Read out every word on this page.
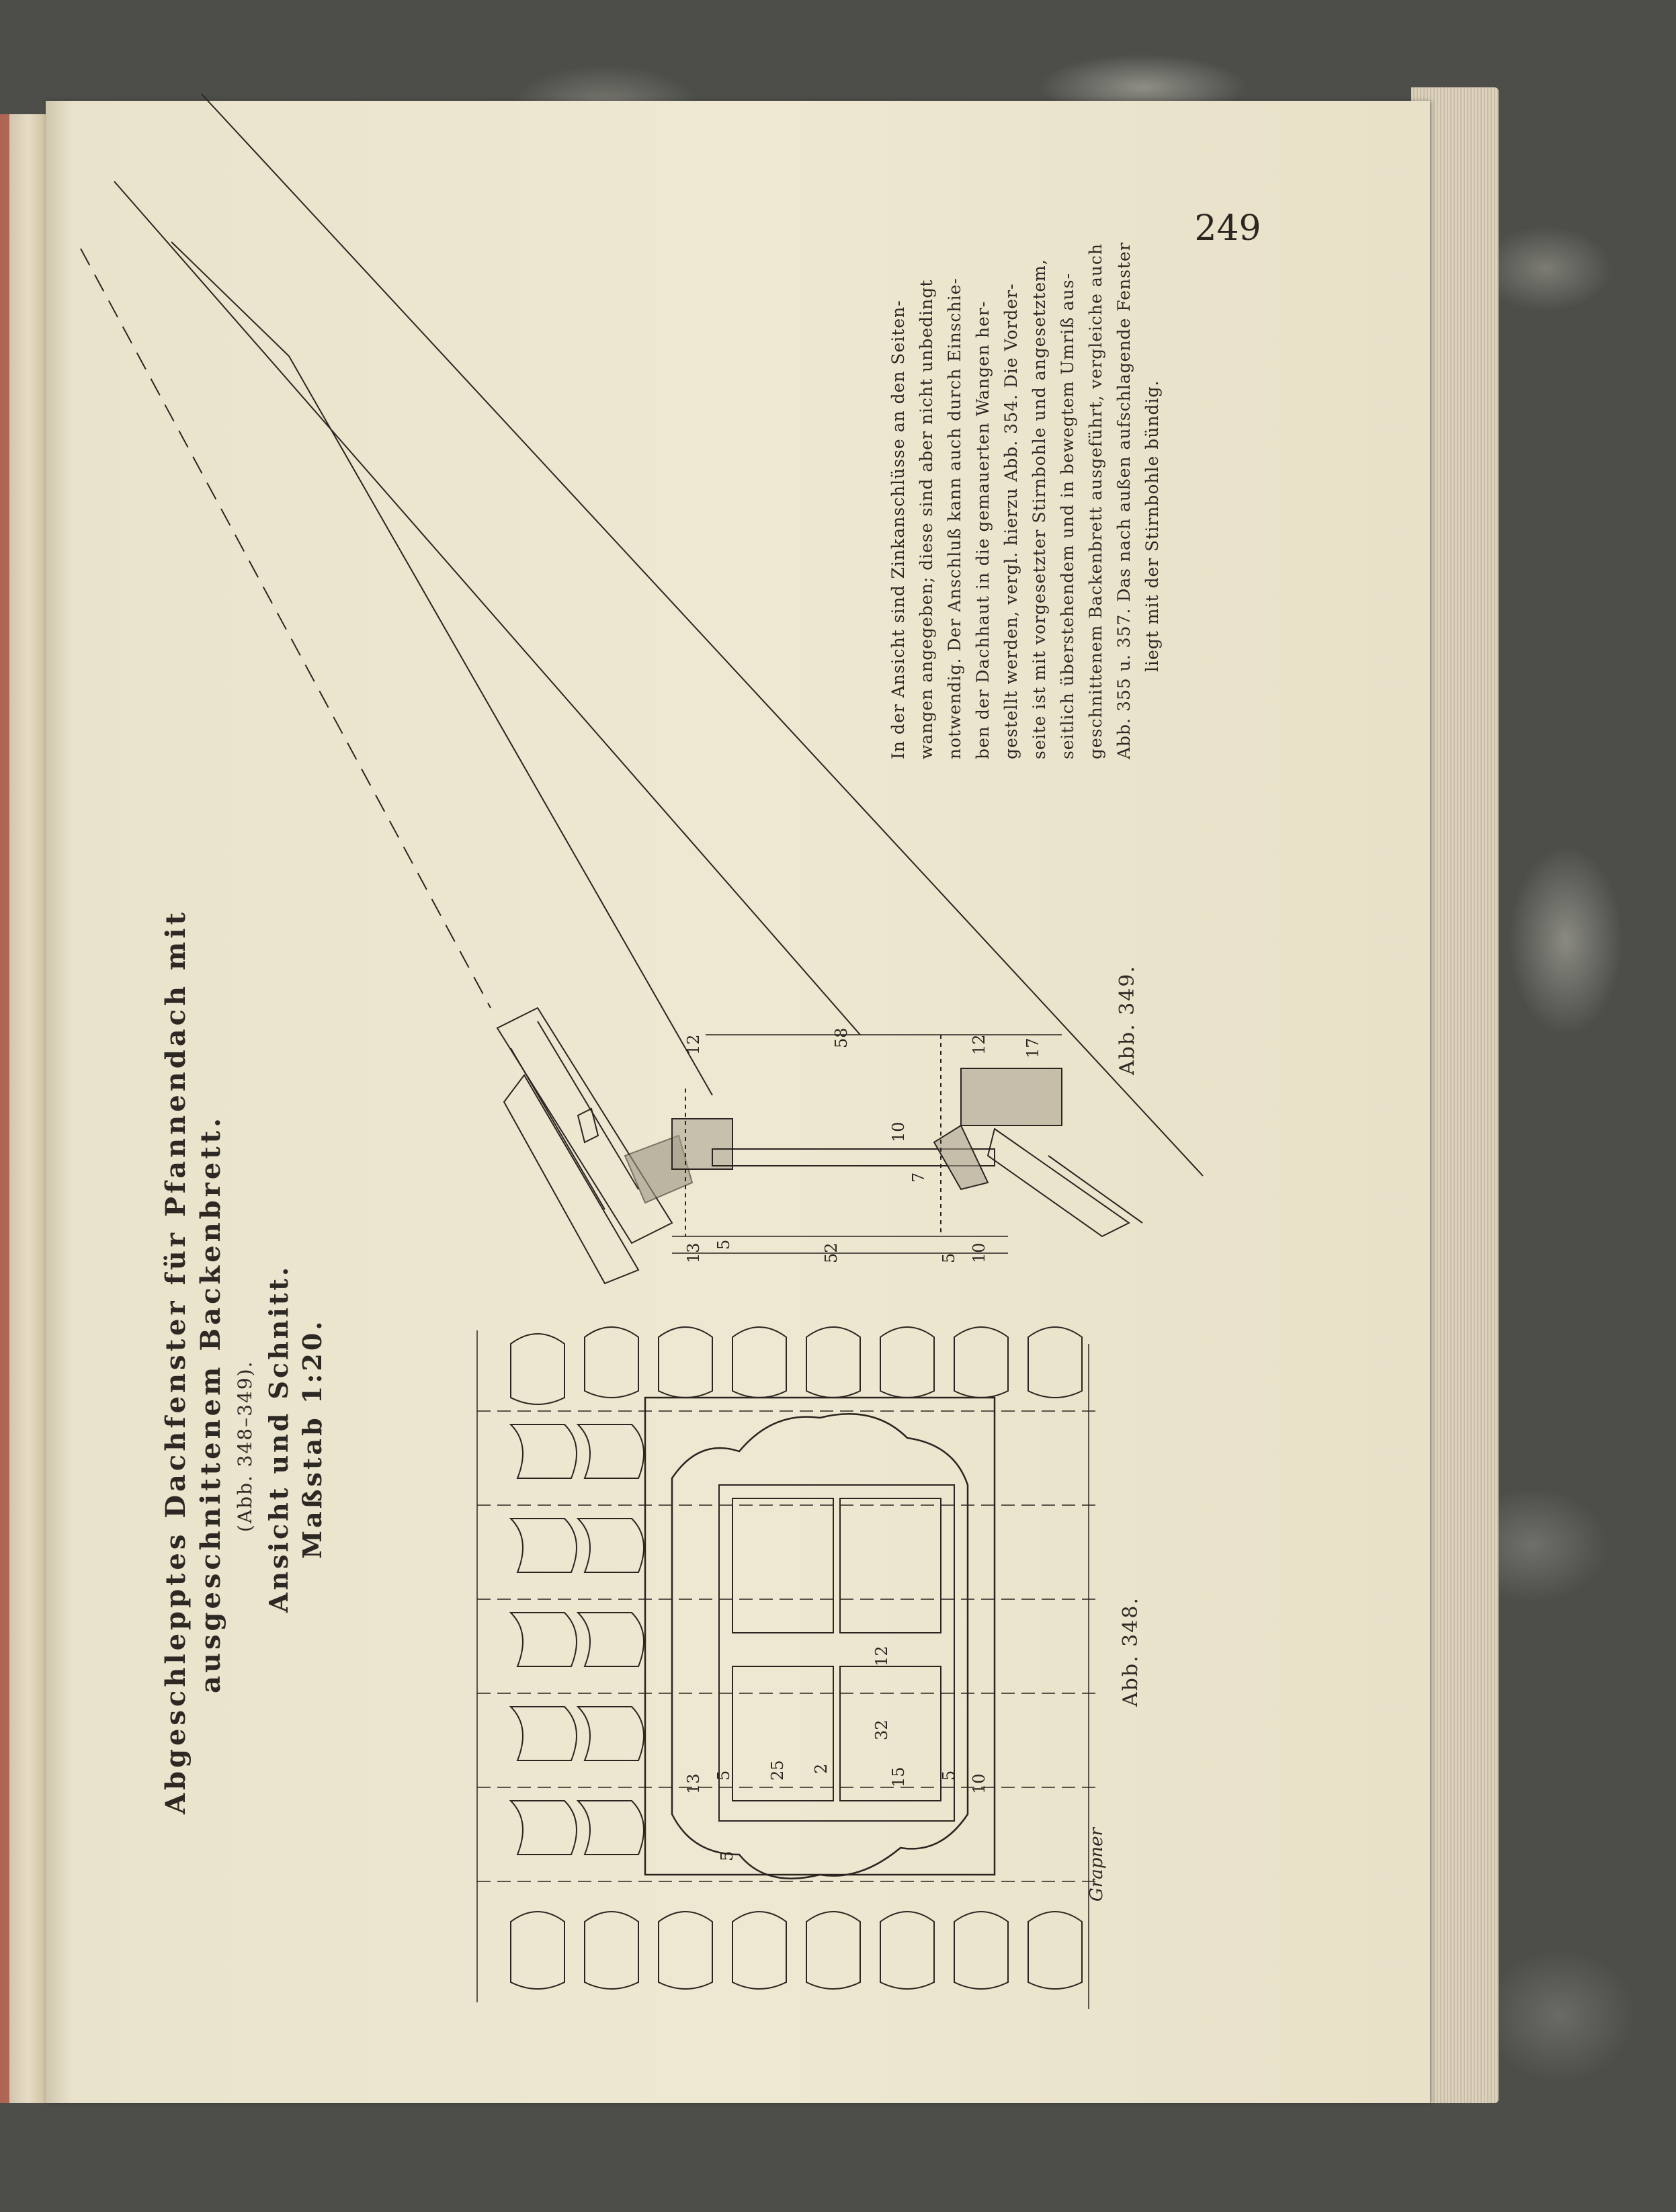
249
Abgeschlepptes Dachfenster für Pfannendach mit ausgeschnittenem Backenbrett. (Abb. 348–349). Ansicht und Schnitt. Maßstab 1:20.
Abb. 348.
Abb. 349.
In der Ansicht sind Zinkanschlüsse an den Seiten- wangen angegeben; diese sind aber nicht unbedingt notwendig. Der Anschluß kann auch durch Einschie- ben der Dachhaut in die gemauerten Wangen her- gestellt werden, vergl. hierzu Abb. 354. Die Vorder- seite ist mit vorgesetzter Stirnbohle und angesetztem, seitlich überstehendem und in bewegtem Umriß aus- geschnittenem Backenbrett ausgeführt, vergleiche auch Abb. 355 u. 357. Das nach außen aufschlagende Fenster liegt mit der Stirnbohle bündig.
12	58	12 17
10
7
13 5	52	5 10
13 5 25 2
32
15 5 10
12
5	Grapner
